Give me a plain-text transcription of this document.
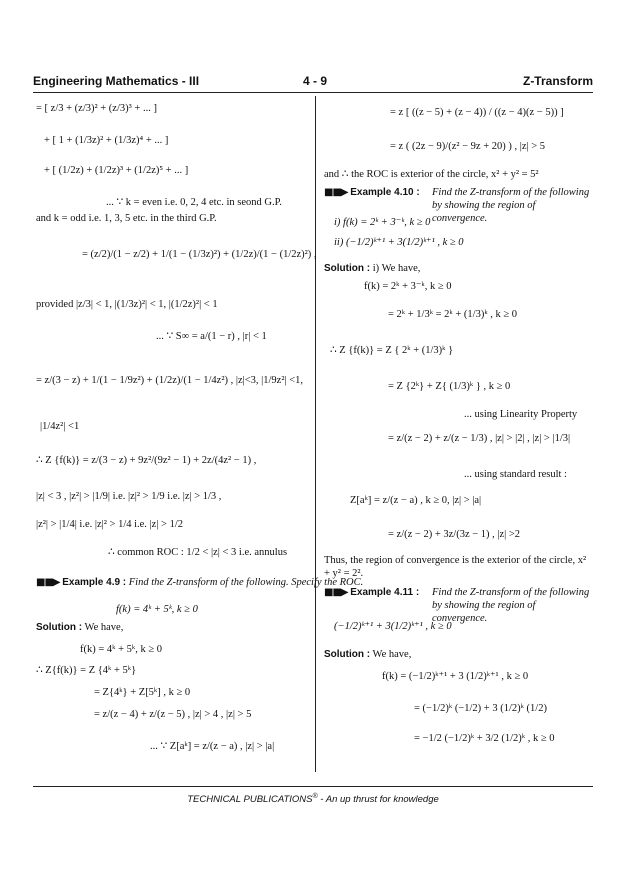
Engineering Mathematics - III	4 - 9	Z-Transform
= [ z/3 + (z/3)² + (z/3)³ + ... ]
+ [ 1 + (1/3z)² + (1/3z)⁴ + ... ]
+ [ (1/2z) + (1/2z)³ + (1/2z)⁵ + ... ]
... ∵ k = even i.e. 0, 2, 4 etc. in seond G.P.
and k = odd i.e. 1, 3, 5 etc. in the third G.P.
= (z/2)/(1 − z/2) + 1/(1 − (1/3z)²) + (1/2z)/(1 − (1/2z)²) ,
provided |z/3| < 1, |(1/3z)²| < 1, |(1/2z)²| < 1
... ∵ S∞ = a/(1 − r) , |r| < 1
= z/(3 − z) + 1/(1 − 1/9z²) + (1/2z)/(1 − 1/4z²) , |z|<3, |1/9z²| <1,
|1/4z²| <1
∴ Z {f(k)} = z/(3 − z) + 9z²/(9z² − 1) + 2z/(4z² − 1) ,
|z| < 3 , |z²| > |1/9| i.e. |z|² > 1/9 i.e. |z| > 1/3 ,
|z²| > |1/4| i.e. |z|² > 1/4 i.e. |z| > 1/2
∴ common ROC : 1/2 < |z| < 3 i.e. annulus
■■▶ Example 4.9 : Find the Z-transform of the following. Specify the ROC.
f(k) = 4ᵏ + 5ᵏ, k ≥ 0
Solution : We have,
f(k) = 4ᵏ + 5ᵏ, k ≥ 0
∴ Z{f(k)} = Z {4ᵏ + 5ᵏ}
= Z{4ᵏ} + Z[5ᵏ] , k ≥ 0
= z/(z − 4) + z/(z − 5) , |z| > 4 , |z| > 5
... ∵ Z[aᵏ] = z/(z − a) , |z| > |a|
= z [ ((z − 5) + (z − 4)) / ((z − 4)(z − 5)) ]
= z ( (2z − 9)/(z² − 9z + 20) ) , |z| > 5
and ∴ the ROC is exterior of the circle, x² + y² = 5²
■■▶ Example 4.10 : Find the Z-transform of the following by showing the region of convergence.
i) f(k) = 2ᵏ + 3⁻ᵏ, k ≥ 0
ii) (−1/2)ᵏ⁺¹ + 3(1/2)ᵏ⁺¹ , k ≥ 0
Solution : i) We have,
f(k) = 2ᵏ + 3⁻ᵏ, k ≥ 0
= 2ᵏ + 1/3ᵏ = 2ᵏ + (1/3)ᵏ , k ≥ 0
∴ Z {f(k)} = Z { 2ᵏ + (1/3)ᵏ }
= Z {2ᵏ} + Z{ (1/3)ᵏ } , k ≥ 0
... using Linearity Property
= z/(z − 2) + z/(z − 1/3) , |z| > |2| , |z| > |1/3|
... using standard result :
Z[aᵏ] = z/(z − a) , k ≥ 0, |z| > |a|
= z/(z − 2) + 3z/(3z − 1) , |z| >2
Thus, the region of convergence is the exterior of the circle, x² + y² = 2².
■■▶ Example 4.11 : Find the Z-transform of the following by showing the region of convergence.
(−1/2)ᵏ⁺¹ + 3(1/2)ᵏ⁺¹ , k ≥ 0
Solution : We have,
f(k) = (−1/2)ᵏ⁺¹ + 3 (1/2)ᵏ⁺¹ , k ≥ 0
= (−1/2)ᵏ (−1/2) + 3 (1/2)ᵏ (1/2)
= −1/2 (−1/2)ᵏ + 3/2 (1/2)ᵏ , k ≥ 0
TECHNICAL PUBLICATIONS® - An up thrust for knowledge
